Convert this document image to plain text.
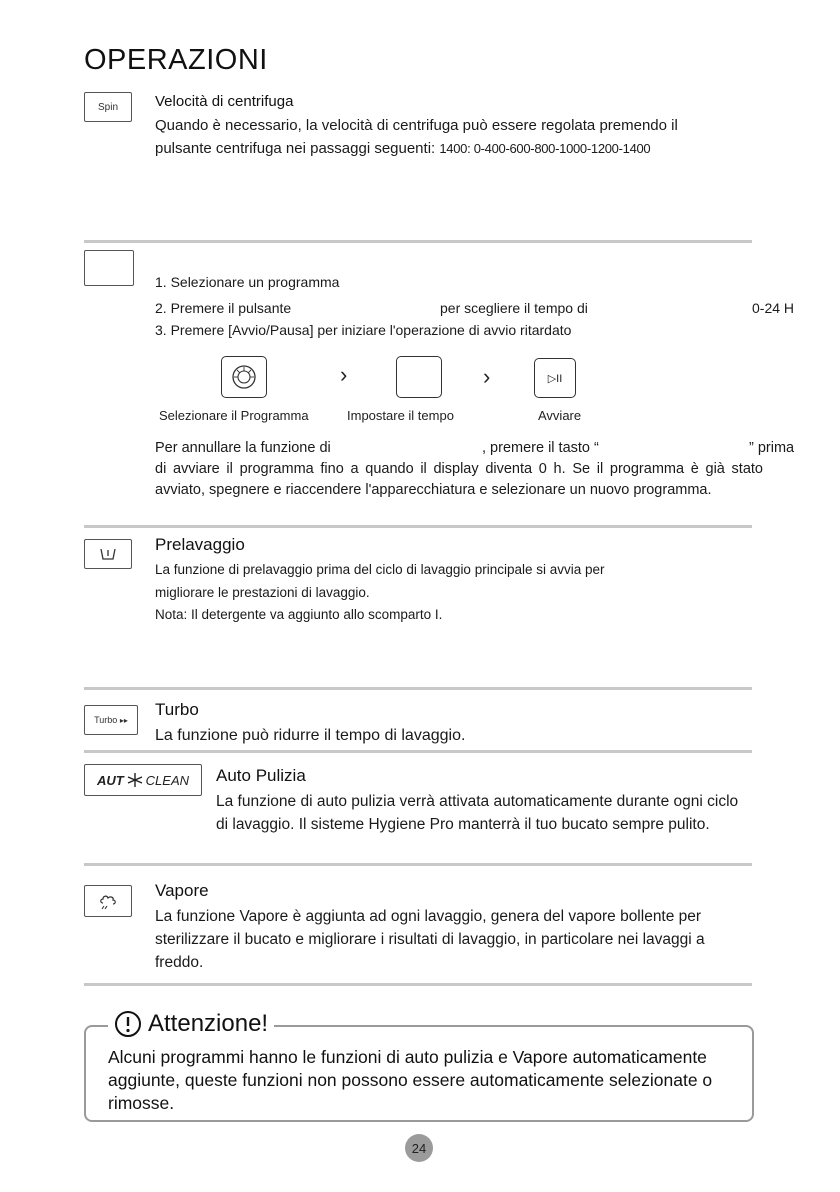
OPERAZIONI
Spin Velocità di centrifuga
Quando è necessario, la velocità di centrifuga può essere regolata premendo il
pulsante centrifuga nei passaggi seguenti: 1400: 0-400-600-800-1000-1200-1400
1. Selezionare un programma
2. Premere il pulsante	per scegliere il tempo di	0-24 H
3. Premere [Avvio/Pausa] per iniziare l'operazione di avvio ritardato
›	›	▷II
Selezionare il Programma	Impostare il tempo	Avviare
Per annullare la funzione di	, premere il tasto “	” prima
di avviare il programma fino a quando il display diventa 0 h. Se il programma è già stato avviato, spegnere e riaccendere l'apparecchiatura e selezionare un nuovo programma.
Prelavaggio
La funzione di prelavaggio prima del ciclo di lavaggio principale si avvia per
migliorare le prestazioni di lavaggio.
Nota: Il detergente va aggiunto allo scomparto I.
Turbo
▸▸
Turbo
La funzione può ridurre il tempo di lavaggio.
AUT CLEAN Auto Pulizia
La funzione di auto pulizia verrà attivata automaticamente durante ogni ciclo di lavaggio. Il sisteme Hygiene Pro manterrà il tuo bucato sempre pulito.
Vapore
La funzione Vapore è aggiunta ad ogni lavaggio, genera del vapore bollente per sterilizzare il bucato e migliorare i risultati di lavaggio, in particolare nei lavaggi a freddo.
Attenzione!
Alcuni programmi hanno le funzioni di auto pulizia e Vapore automaticamente aggiunte, queste funzioni non possono essere automaticamente selezionate o rimosse.
24
